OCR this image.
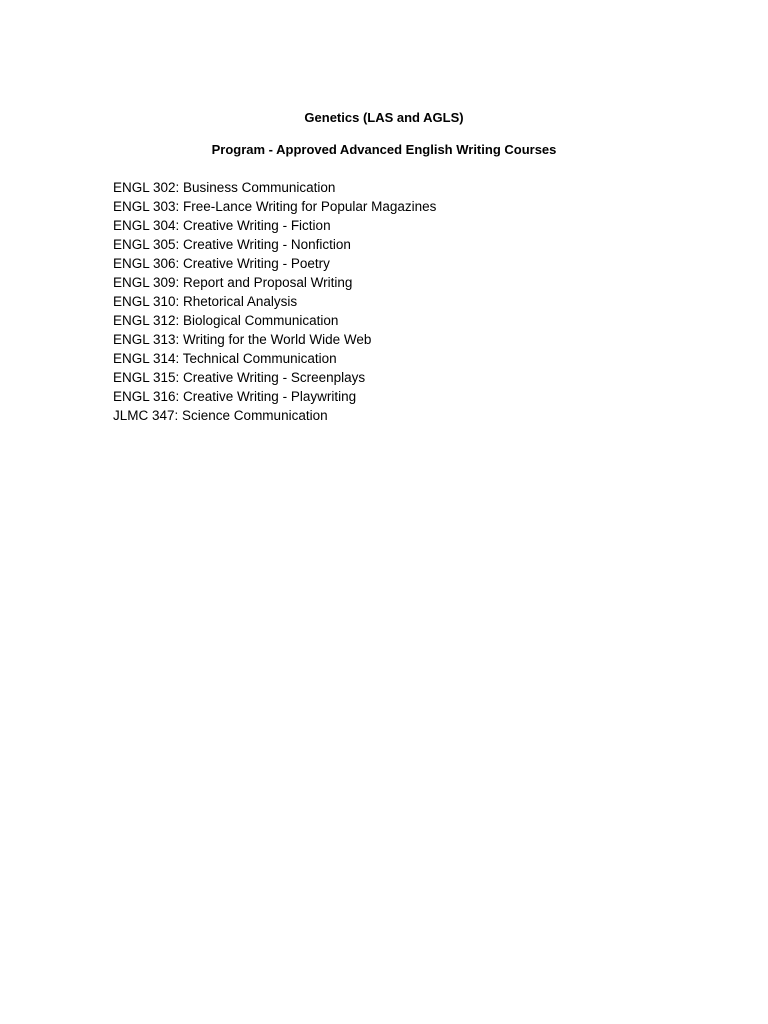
Genetics (LAS and AGLS)
Program - Approved Advanced English Writing Courses
ENGL 302: Business Communication
ENGL 303: Free-Lance Writing for Popular Magazines
ENGL 304: Creative Writing - Fiction
ENGL 305: Creative Writing - Nonfiction
ENGL 306: Creative Writing - Poetry
ENGL 309: Report and Proposal Writing
ENGL 310: Rhetorical Analysis
ENGL 312: Biological Communication
ENGL 313: Writing for the World Wide Web
ENGL 314: Technical Communication
ENGL 315: Creative Writing - Screenplays
ENGL 316: Creative Writing - Playwriting
JLMC 347: Science Communication
